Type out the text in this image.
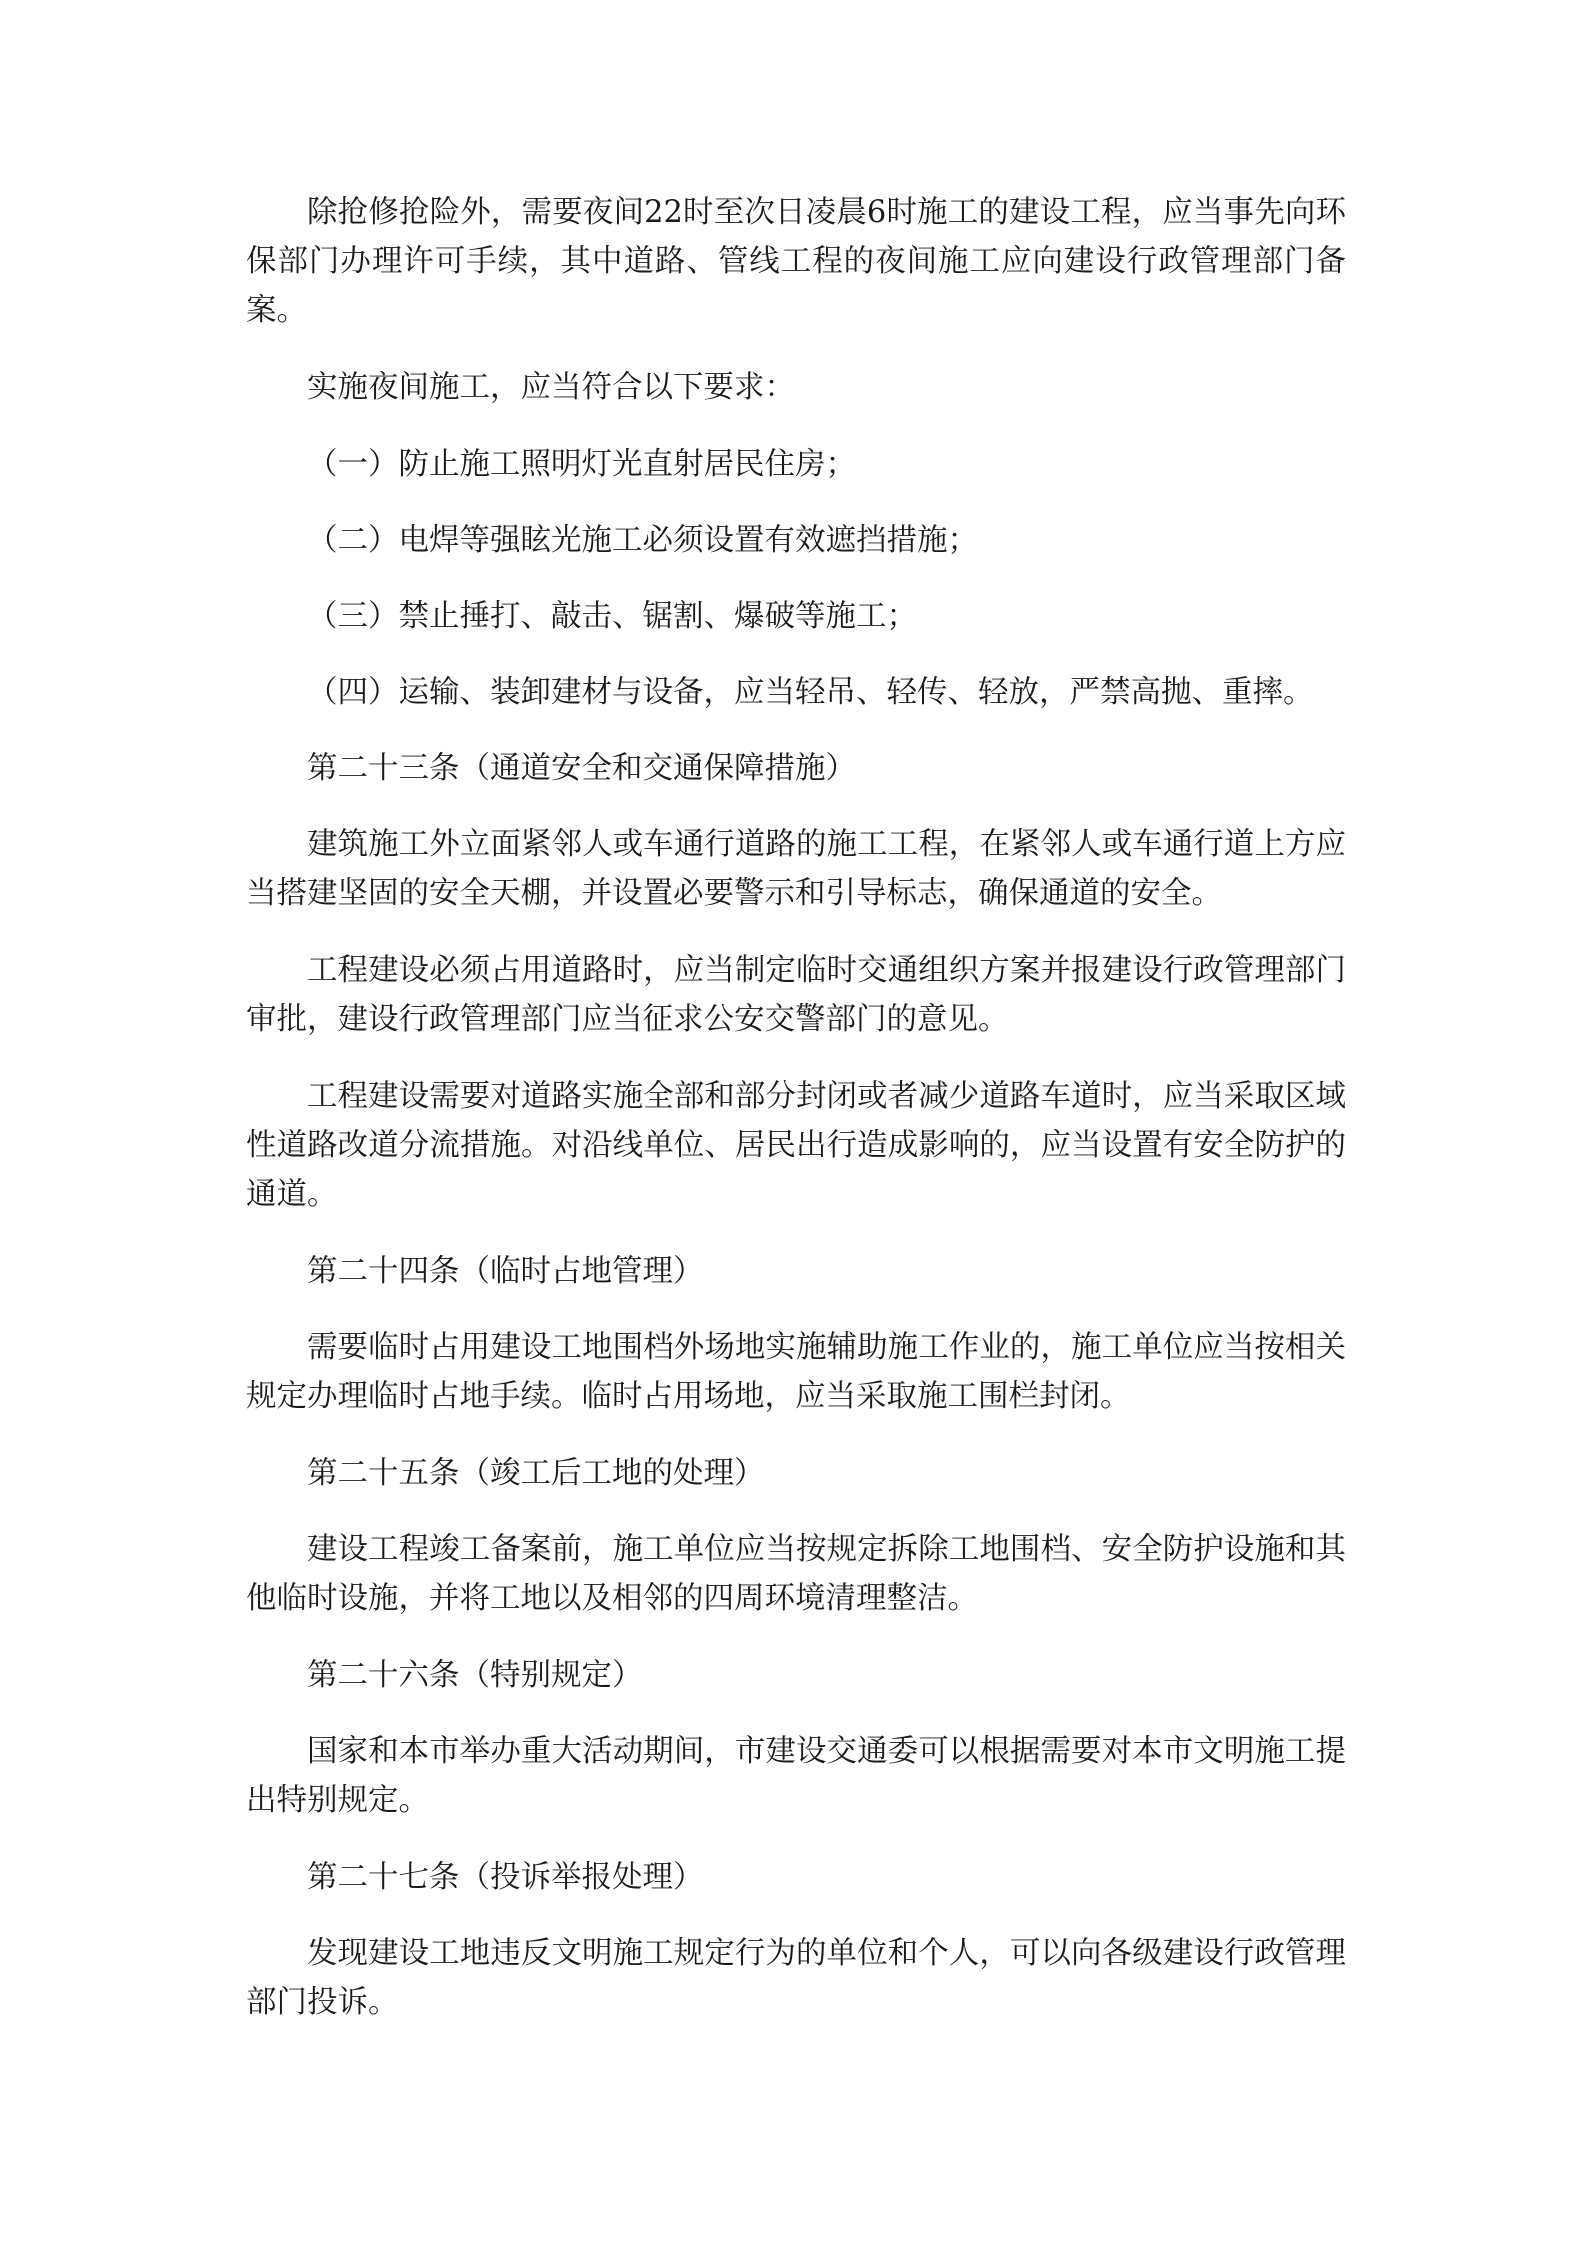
除抢修抢险外，需要夜间22时至次日凌晨6时施工的建设工程，应当事先向环保部门办理许可手续，其中道路、管线工程的夜间施工应向建设行政管理部门备案。

实施夜间施工，应当符合以下要求：

（一）防止施工照明灯光直射居民住房；

（二）电焊等强眩光施工必须设置有效遮挡措施；

（三）禁止捶打、敲击、锯割、爆破等施工；

（四）运输、装卸建材与设备，应当轻吊、轻传、轻放，严禁高抛、重摔。

第二十三条（通道安全和交通保障措施）

建筑施工外立面紧邻人或车通行道路的施工工程，在紧邻人或车通行道上方应当搭建坚固的安全天棚，并设置必要警示和引导标志，确保通道的安全。

工程建设必须占用道路时，应当制定临时交通组织方案并报建设行政管理部门审批，建设行政管理部门应当征求公安交警部门的意见。

工程建设需要对道路实施全部和部分封闭或者减少道路车道时，应当采取区域性道路改道分流措施。对沿线单位、居民出行造成影响的，应当设置有安全防护的通道。

第二十四条（临时占地管理）

需要临时占用建设工地围档外场地实施辅助施工作业的，施工单位应当按相关规定办理临时占地手续。临时占用场地，应当采取施工围栏封闭。

第二十五条（竣工后工地的处理）

建设工程竣工备案前，施工单位应当按规定拆除工地围档、安全防护设施和其他临时设施，并将工地以及相邻的四周环境清理整洁。

第二十六条（特别规定）

国家和本市举办重大活动期间，市建设交通委可以根据需要对本市文明施工提出特别规定。

第二十七条（投诉举报处理）

发现建设工地违反文明施工规定行为的单位和个人，可以向各级建设行政管理部门投诉。
